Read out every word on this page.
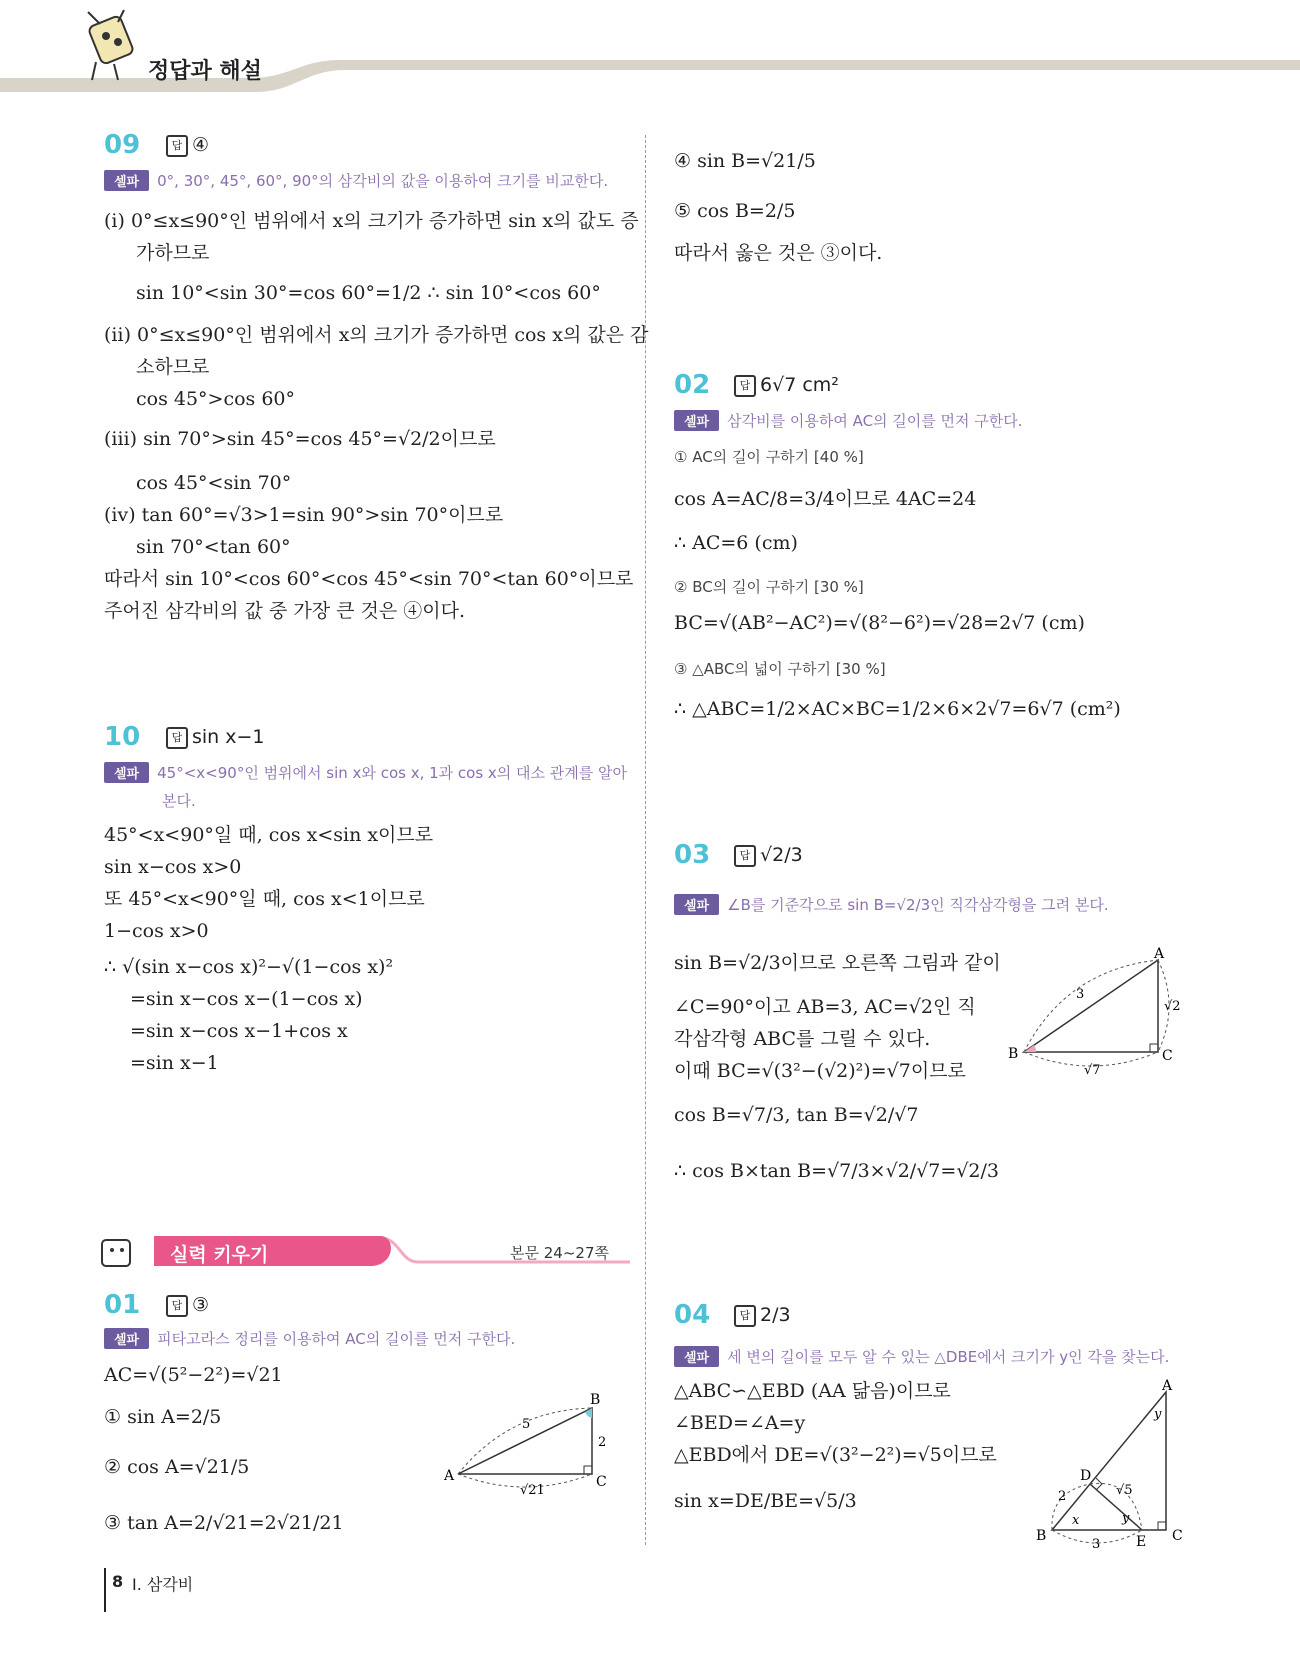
정답과 해설
09	답 ④
셀파 0°, 30°, 45°, 60°, 90°의 삼각비의 값을 이용하여 크기를 비교한다.
(ⅰ) 0°≤x≤90°인 범위에서 x의 크기가 증가하면 sin x의 값도 증
가하므로
sin 10°<sin 30°=cos 60°=1/2 ∴ sin 10°<cos 60°
(ⅱ) 0°≤x≤90°인 범위에서 x의 크기가 증가하면 cos x의 값은 감
소하므로
cos 45°>cos 60°
(ⅲ) sin 70°>sin 45°=cos 45°=√2/2이므로
cos 45°<sin 70°
(ⅳ) tan 60°=√3>1=sin 90°>sin 70°이므로
sin 70°<tan 60°
따라서 sin 10°<cos 60°<cos 45°<sin 70°<tan 60°이므로
주어진 삼각비의 값 중 가장 큰 것은 ④이다.
10	답 sin x−1
셀파 45°<x<90°인 범위에서 sin x와 cos x, 1과 cos x의 대소 관계를 알아
본다.
45°<x<90°일 때, cos x<sin x이므로
sin x−cos x>0
또 45°<x<90°일 때, cos x<1이므로
1−cos x>0
∴ √(sin x−cos x)²−√(1−cos x)²
=sin x−cos x−(1−cos x)
=sin x−cos x−1+cos x
=sin x−1
실력 키우기	본문 24~27쪽
01	답 ③
셀파 피타고라스 정리를 이용하여 AC의 길이를 먼저 구한다.
AC=√(5²−2²)=√21
① sin A=2/5
② cos A=√21/5
③ tan A=2/√21=2√21/21
A
B
C
5
2
√21
④ sin B=√21/5
⑤ cos B=2/5
따라서 옳은 것은 ③이다.
02	답 6√7 cm²
셀파 삼각비를 이용하여 AC의 길이를 먼저 구한다.
① AC의 길이 구하기 [40 %]
cos A=AC/8=3/4이므로 4AC=24
∴ AC=6 (cm)
② BC의 길이 구하기 [30 %]
BC=√(AB²−AC²)=√(8²−6²)=√28=2√7 (cm)
③ △ABC의 넓이 구하기 [30 %]
∴ △ABC=1/2×AC×BC=1/2×6×2√7=6√7 (cm²)
03	답 √2/3
셀파 ∠B를 기준각으로 sin B=√2/3인 직각삼각형을 그려 본다.
sin B=√2/3이므로 오른쪽 그림과 같이
∠C=90°이고 AB=3, AC=√2인 직
각삼각형 ABC를 그릴 수 있다.
이때 BC=√(3²−(√2)²)=√7이므로
cos B=√7/3, tan B=√2/√7
∴ cos B×tan B=√7/3×√2/√7=√2/3
A
B	C
3
√2
√7
04	답 2/3
셀파 세 변의 길이를 모두 알 수 있는 △DBE에서 크기가 y인 각을 찾는다.
△ABC∽△EBD (AA 닮음)이므로
∠BED=∠A=y
△EBD에서 DE=√(3²−2²)=√5이므로
sin x=DE/BE=√5/3
A
B	C
D
E
x	y
y
2	√5
3
8 Ⅰ. 삼각비
